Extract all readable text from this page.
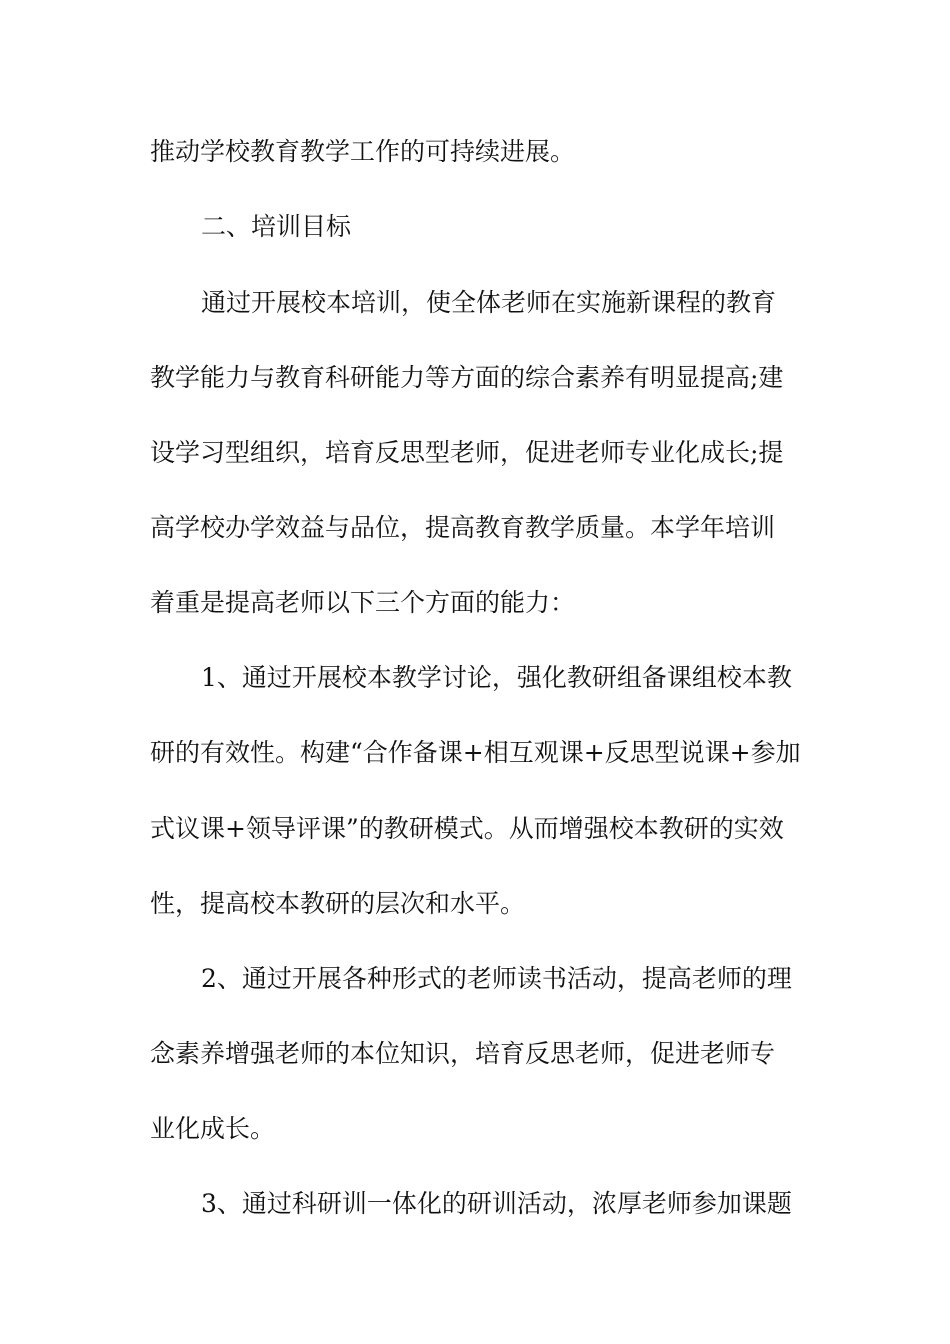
推动学校教育教学工作的可持续进展。

二、培训目标

通过开展校本培训，使全体老师在实施新课程的教育

教学能力与教育科研能力等方面的综合素养有明显提高;建

设学习型组织，培育反思型老师，促进老师专业化成长;提

高学校办学效益与品位，提高教育教学质量。本学年培训

着重是提高老师以下三个方面的能力：

1、通过开展校本教学讨论，强化教研组备课组校本教

研的有效性。构建“合作备课+相互观课+反思型说课+参加

式议课+领导评课”的教研模式。从而增强校本教研的实效

性，提高校本教研的层次和水平。

2、通过开展各种形式的老师读书活动，提高老师的理

念素养增强老师的本位知识，培育反思老师，促进老师专

业化成长。

3、通过科研训一体化的研训活动，浓厚老师参加课题
